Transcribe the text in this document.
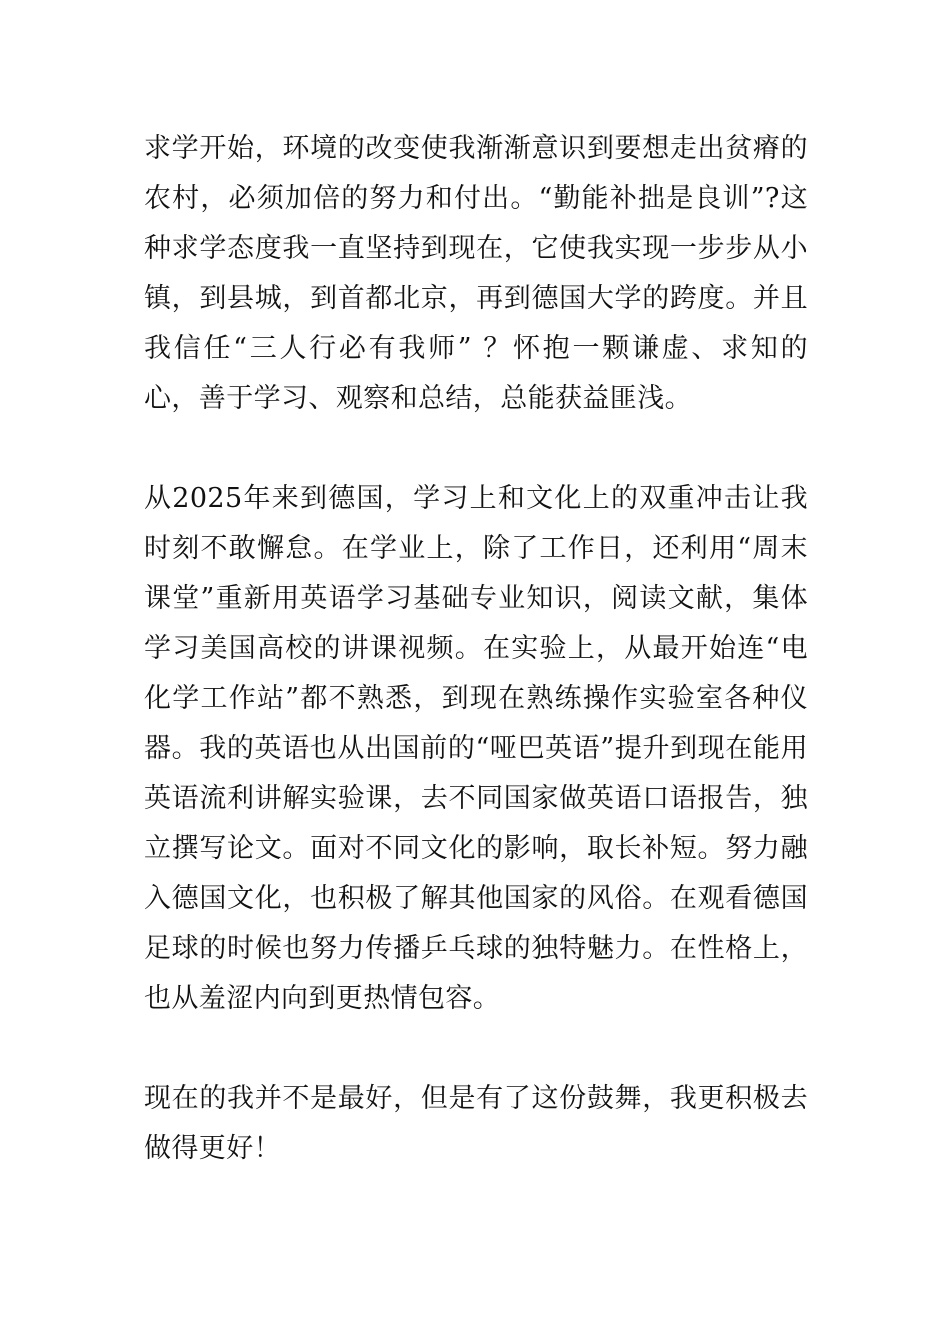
求学开始，环境的改变使我渐渐意识到要想走出贫瘠的农村，必须加倍的努力和付出。“勤能补拙是良训”?这种求学态度我一直坚持到现在，它使我实现一步步从小镇，到县城，到首都北京，再到德国大学的跨度。并且我信任“三人行必有我师” ？怀抱一颗谦虚、求知的心，善于学习、观察和总结，总能获益匪浅。

从2025年来到德国，学习上和文化上的双重冲击让我时刻不敢懈怠。在学业上，除了工作日，还利用“周末课堂”重新用英语学习基础专业知识，阅读文献，集体学习美国高校的讲课视频。在实验上，从最开始连“电化学工作站”都不熟悉，到现在熟练操作实验室各种仪器。我的英语也从出国前的“哑巴英语”提升到现在能用英语流利讲解实验课，去不同国家做英语口语报告，独立撰写论文。面对不同文化的影响，取长补短。努力融入德国文化，也积极了解其他国家的风俗。在观看德国足球的时候也努力传播乒乓球的独特魅力。在性格上，也从羞涩内向到更热情包容。

现在的我并不是最好，但是有了这份鼓舞，我更积极去做得更好！
